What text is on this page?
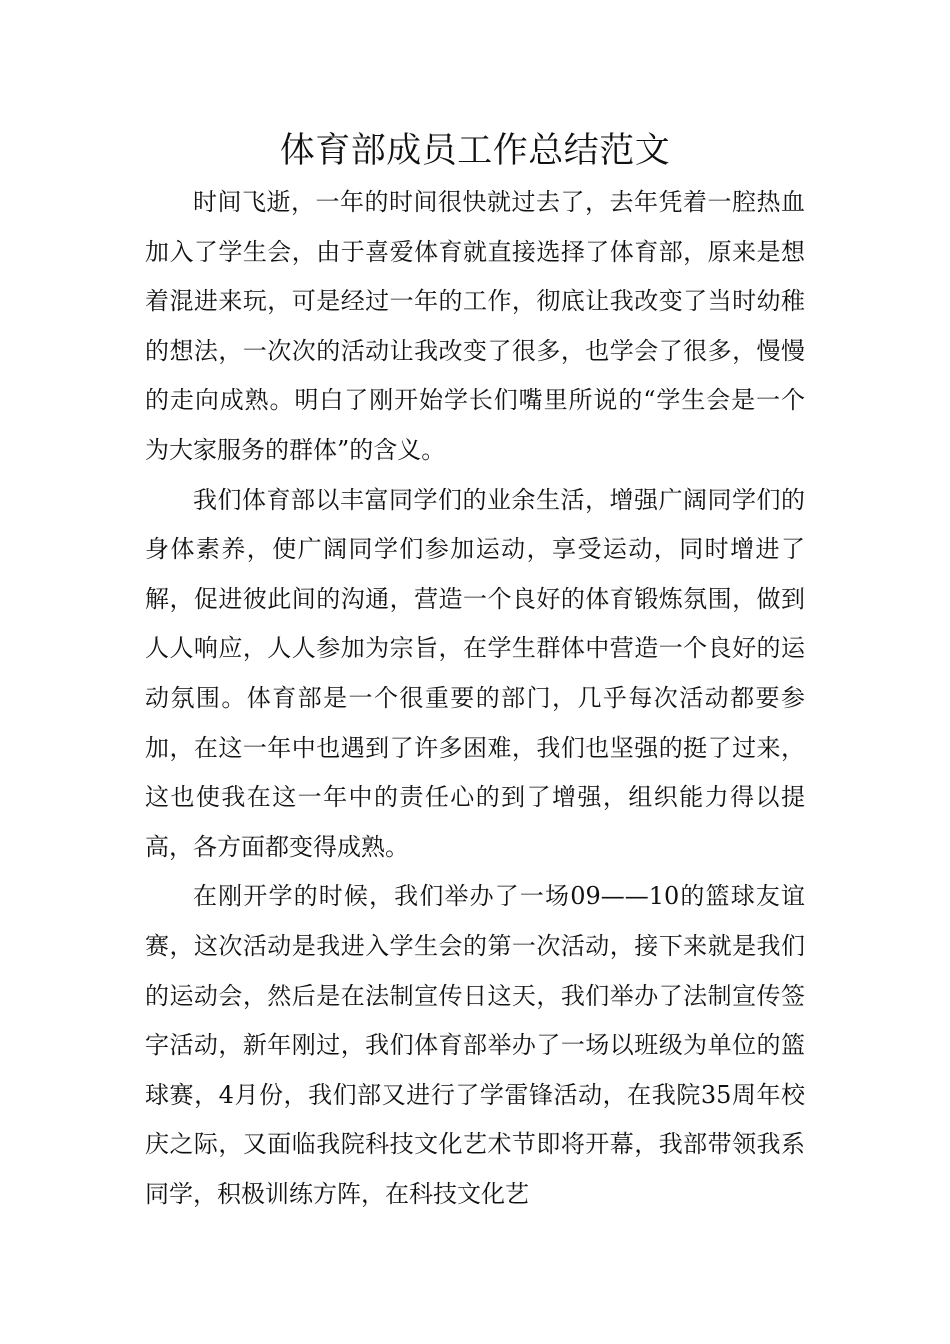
体育部成员工作总结范文

时间飞逝，一年的时间很快就过去了，去年凭着一腔热血加入了学生会，由于喜爱体育就直接选择了体育部，原来是想着混进来玩，可是经过一年的工作，彻底让我改变了当时幼稚的想法，一次次的活动让我改变了很多，也学会了很多，慢慢的走向成熟。明白了刚开始学长们嘴里所说的“学生会是一个为大家服务的群体”的含义。

我们体育部以丰富同学们的业余生活，增强广阔同学们的身体素养，使广阔同学们参加运动，享受运动，同时增进了解，促进彼此间的沟通，营造一个良好的体育锻炼氛围，做到人人响应，人人参加为宗旨，在学生群体中营造一个良好的运动氛围。体育部是一个很重要的部门，几乎每次活动都要参加，在这一年中也遇到了许多困难，我们也坚强的挺了过来，这也使我在这一年中的责任心的到了增强，组织能力得以提高，各方面都变得成熟。

在刚开学的时候，我们举办了一场09——10的篮球友谊赛，这次活动是我进入学生会的第一次活动，接下来就是我们的运动会，然后是在法制宣传日这天，我们举办了法制宣传签字活动，新年刚过，我们体育部举办了一场以班级为单位的篮球赛，4月份，我们部又进行了学雷锋活动，在我院35周年校庆之际，又面临我院科技文化艺术节即将开幕，我部带领我系同学，积极训练方阵，在科技文化艺
